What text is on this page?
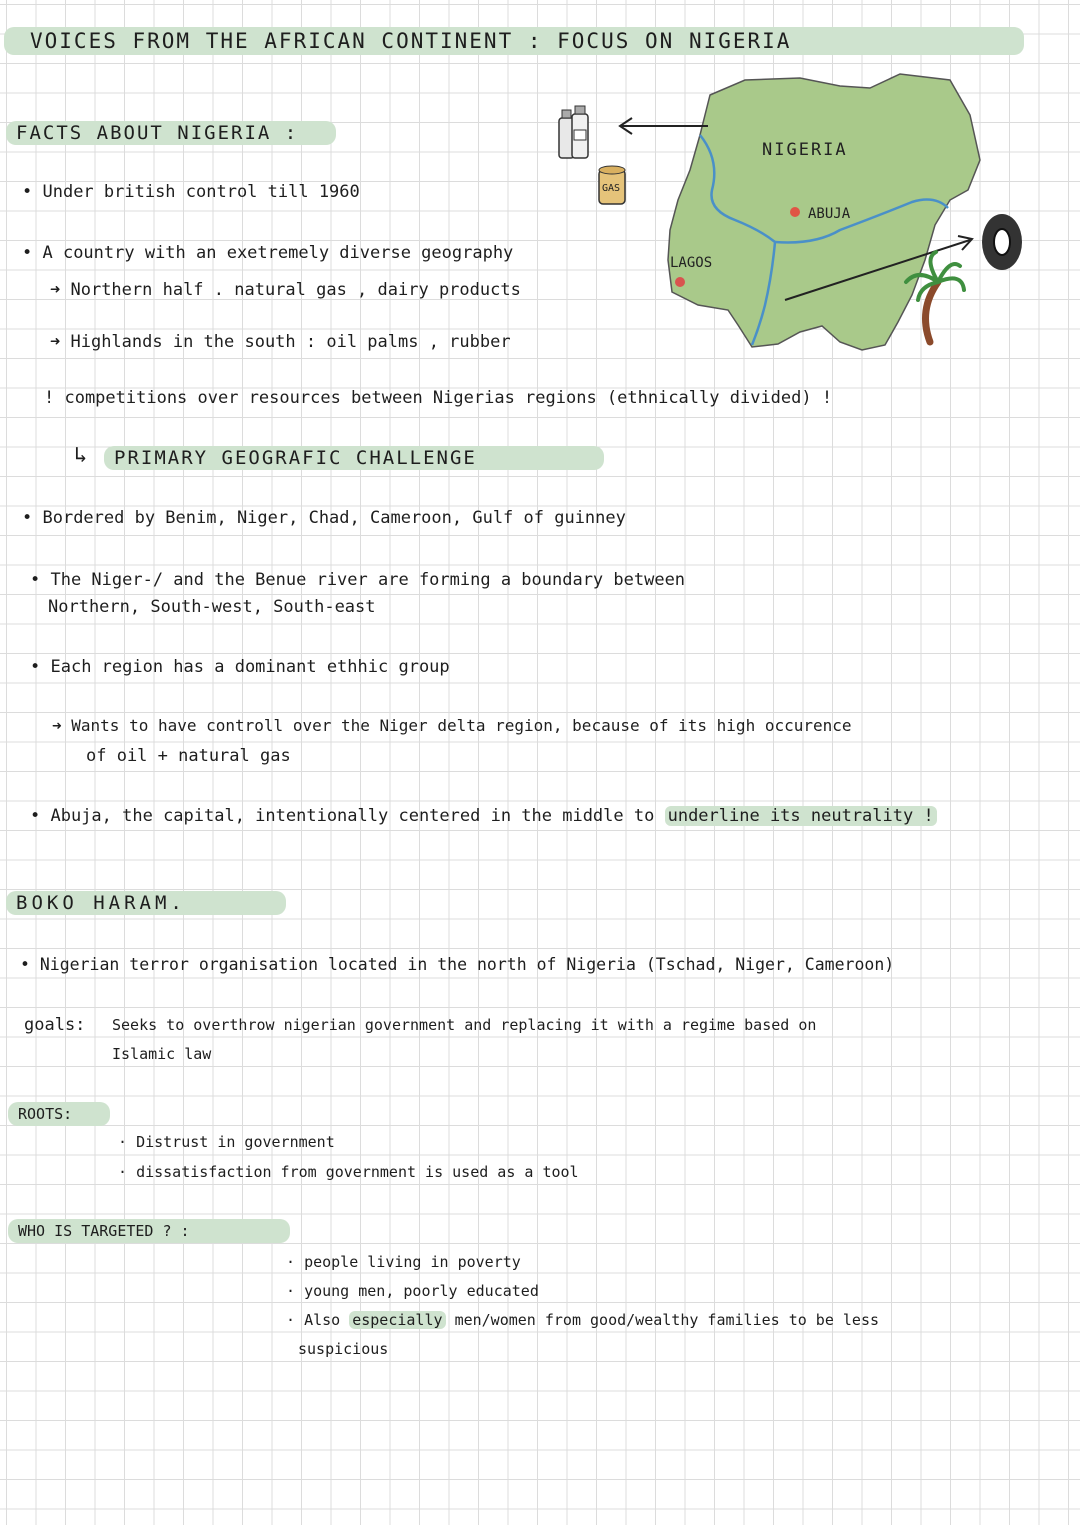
VOICES FROM THE AFRICAN CONTINENT : FOCUS ON NIGERIA
FACTS ABOUT NIGERIA :
• Under british control till 1960
• A country with an exetremely diverse geography
➜ Northern half . natural gas , dairy products
➜ Highlands in the south : oil palms , rubber
! competitions over resources between Nigerias regions (ethnically divided) !
↳	PRIMARY GEOGRAFIC CHALLENGE
• Bordered by Benim, Niger, Chad, Cameroon, Gulf of guinney
• The Niger-/ and the Benue river are forming a boundary between
Northern, South-west, South-east
• Each region has a dominant ethhic group
➜ Wants to have controll over the Niger delta region, because of its high occurence
of oil + natural gas
• Abuja, the capital, intentionally centered in the middle to underline its neutrality !
NIGERIA
ABUJA
LAGOS
GAS
BOKO HARAM.
• Nigerian terror organisation located in the north of Nigeria (Tschad, Niger, Cameroon)
goals: Seeks to overthrow nigerian government and replacing it with a regime based on
Islamic law
ROOTS:
· Distrust in government
· dissatisfaction from government is used as a tool
WHO IS TARGETED ? :
· people living in poverty
· young men, poorly educated
· Also especially men/women from good/wealthy families to be less
suspicious
